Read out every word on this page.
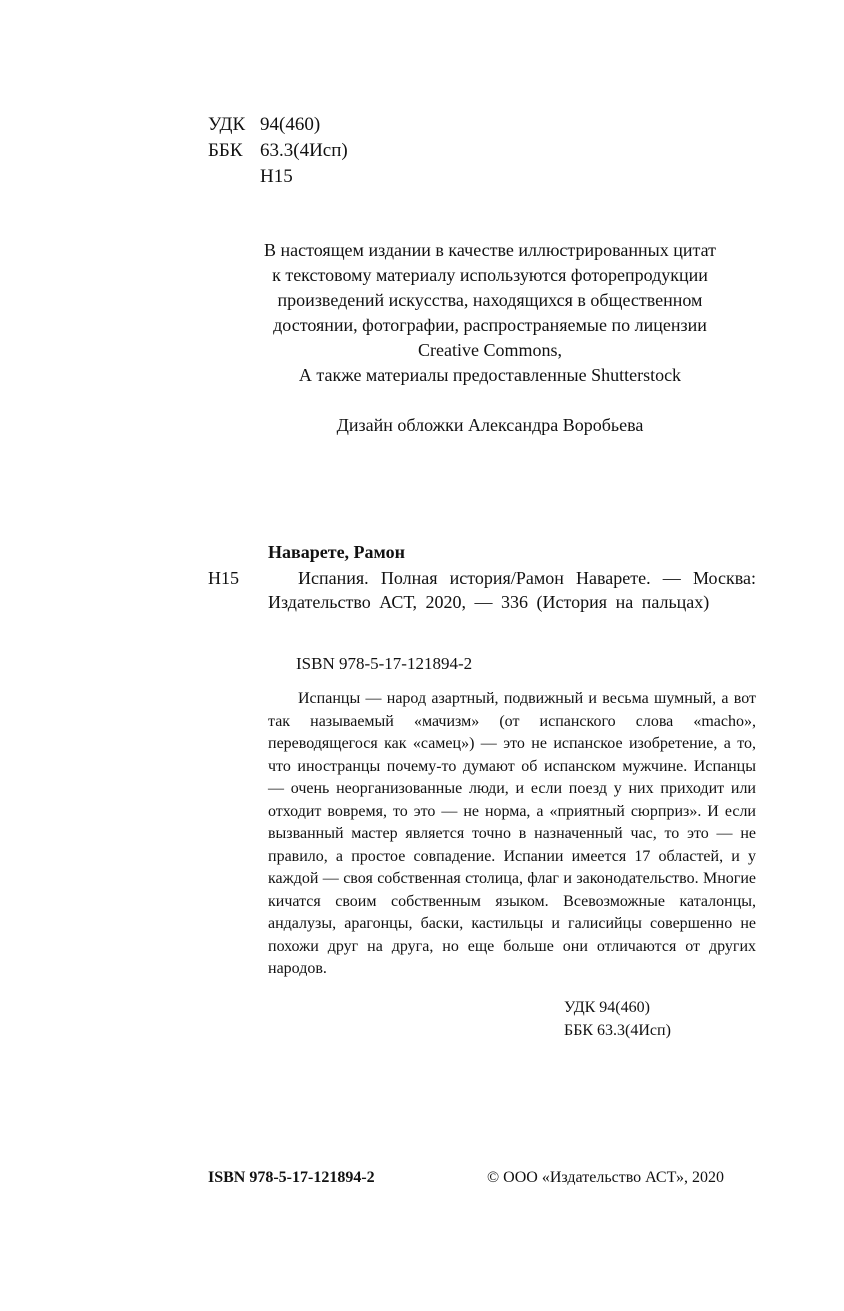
УДК 94(460)
ББК 63.3(4Исп)
Н15
В настоящем издании в качестве иллюстрированных цитат
к текстовому материалу используются фоторепродукции
произведений искусства, находящихся в общественном
достоянии, фотографии, распространяемые по лицензии
Creative Commons,
А также материалы предоставленные Shutterstock
Дизайн обложки Александра Воробьева
Наварете, Рамон
Н15	Испания. Полная история/Рамон Наварете. — Москва: Издательство АСТ, 2020, — 336 (История на пальцах)
ISBN 978-5-17-121894-2
Испанцы — народ азартный, подвижный и весьма шумный, а вот так называемый «мачизм» (от испанского слова «macho», переводящегося как «самец») — это не испанское изобретение, а то, что иностранцы почему-то думают об испанском мужчине. Испанцы — очень неорганизованные люди, и если поезд у них приходит или отходит вовремя, то это — не норма, а «приятный сюрприз». И если вызванный мастер является точно в назначенный час, то это — не правило, а простое совпадение. Испании имеется 17 областей, и у каждой — своя собственная столица, флаг и законодательство. Многие кичатся своим собственным языком. Всевозможные каталонцы, андалузы, арагонцы, баски, кастильцы и галисийцы совершенно не похожи друг на друга, но еще больше они отличаются от других народов.
УДК 94(460)
ББК 63.3(4Исп)
ISBN 978-5-17-121894-2	© ООО «Издательство АСТ», 2020
